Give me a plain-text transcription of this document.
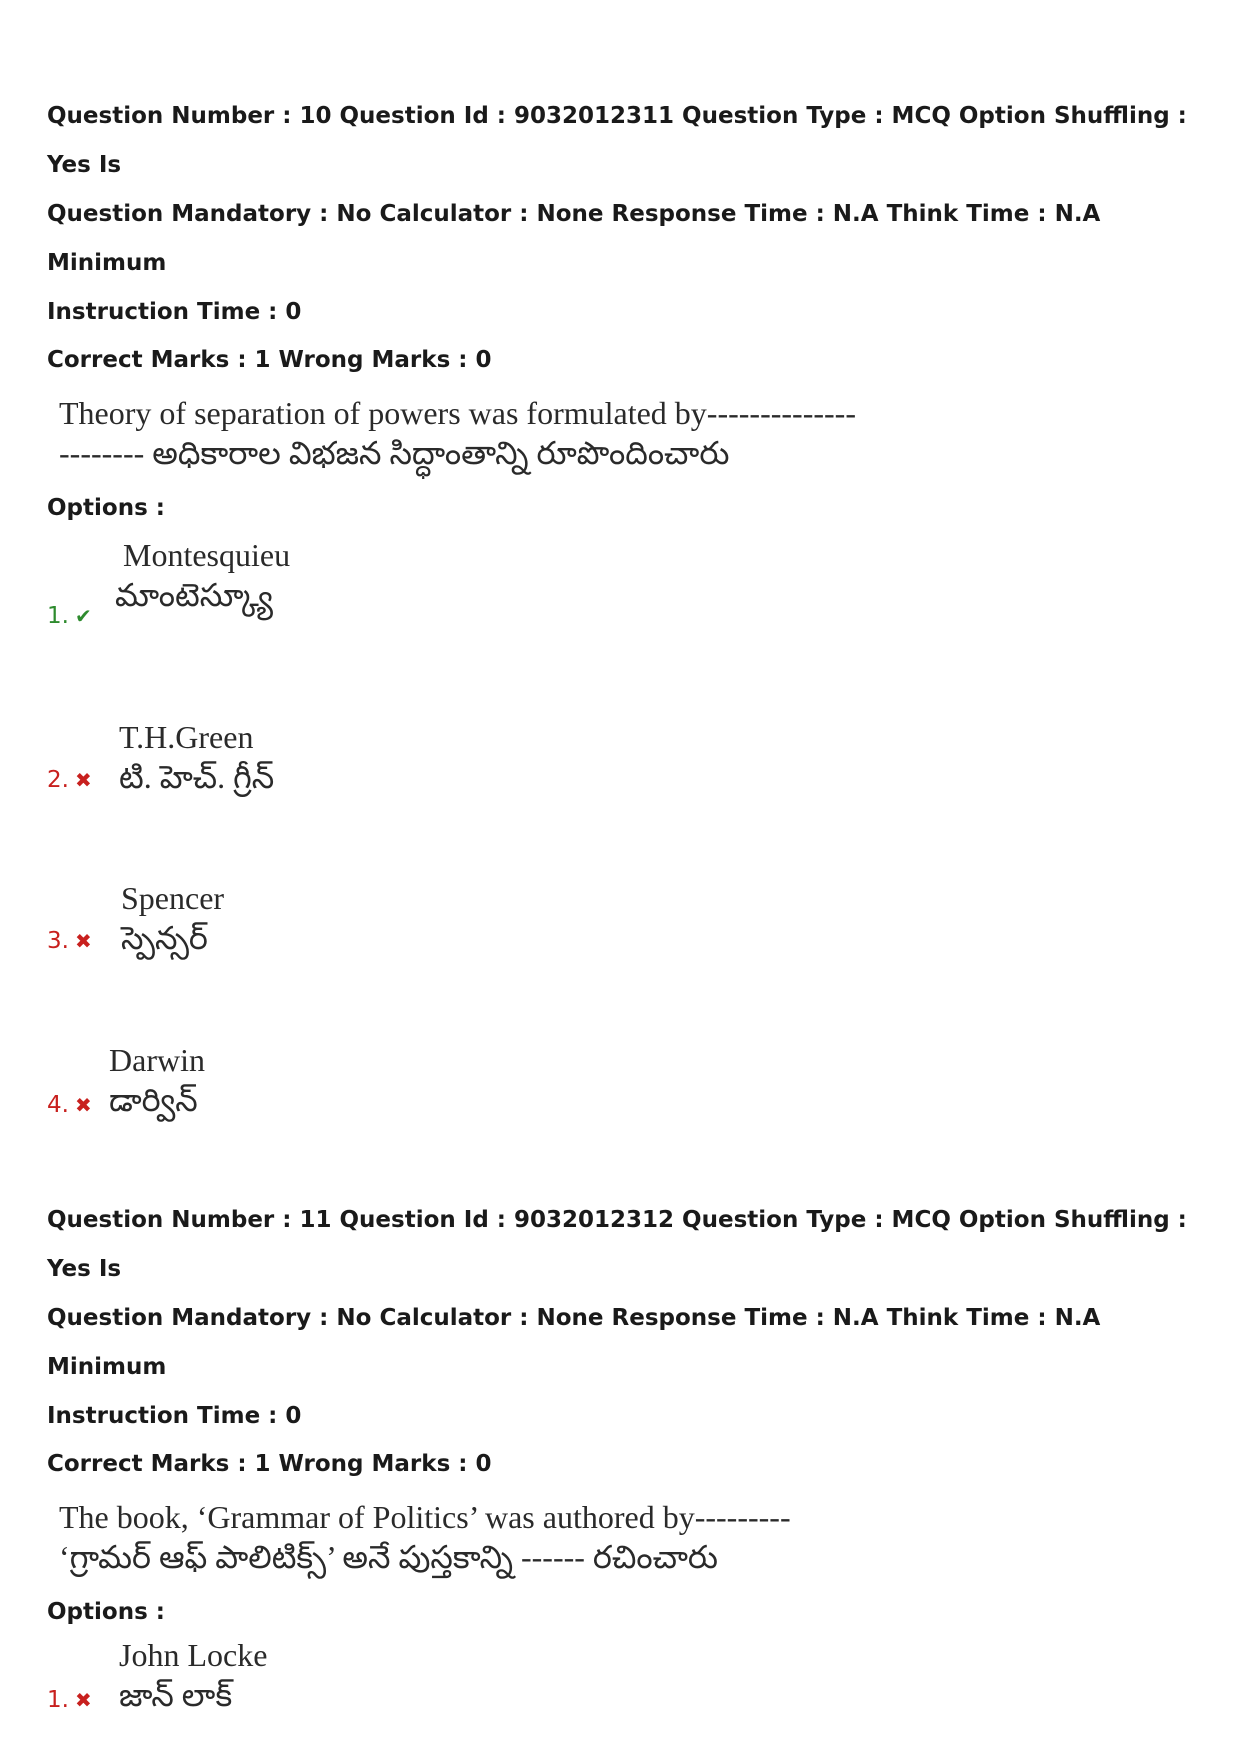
Question Number : 10 Question Id : 9032012311 Question Type : MCQ Option Shuffling : Yes Is

Question Mandatory : No Calculator : None Response Time : N.A Think Time : N.A Minimum

Instruction Time : 0

Correct Marks : 1 Wrong Marks : 0

Theory of separation of powers was formulated by--------------
-------- అధికారాల విభజన సిద్ధాంతాన్ని రూపొందించారు

Options :

Montesquieu
మాంటెస్క్యూ
1. ✔
T.H.Green
టి. హెచ్. గ్రీన్
2. ✖
Spencer
స్పెన్సర్
3. ✖
Darwin
డార్విన్
4. ✖

Question Number : 11 Question Id : 9032012312 Question Type : MCQ Option Shuffling : Yes Is

Question Mandatory : No Calculator : None Response Time : N.A Think Time : N.A Minimum

Instruction Time : 0

Correct Marks : 1 Wrong Marks : 0

The book, ‘Grammar of Politics’ was authored by---------
‘గ్రామర్ ఆఫ్ పాలిటిక్స్’ అనే పుస్తకాన్ని ------ రచించారు

Options :

John Locke
జాన్ లాక్
1. ✖
